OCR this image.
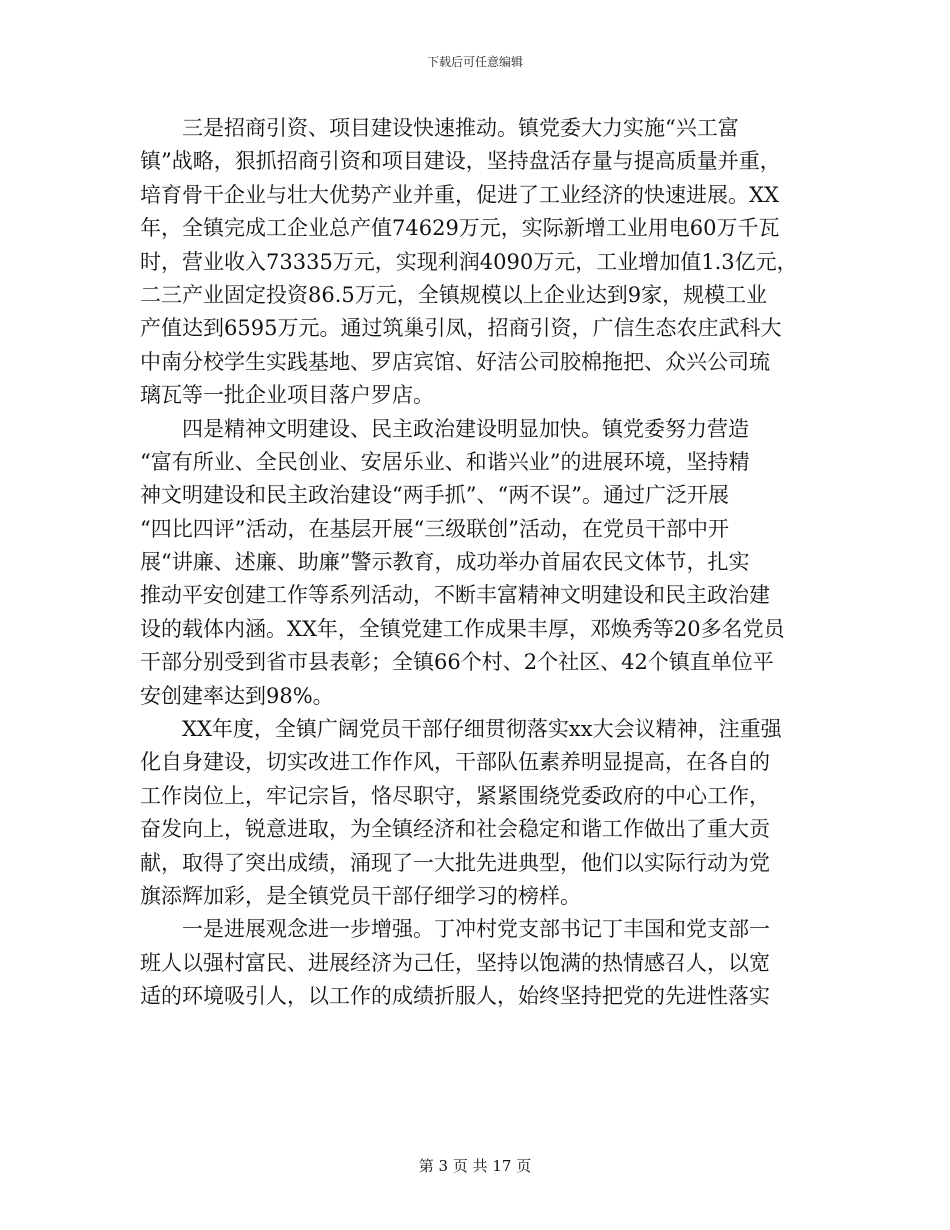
下载后可任意编辑
　　三是招商引资、项目建设快速推动。镇党委大力实施“兴工富
镇”战略，狠抓招商引资和项目建设，坚持盘活存量与提高质量并重，
培育骨干企业与壮大优势产业并重，促进了工业经济的快速进展。XX
年，全镇完成工企业总产值74629万元，实际新增工业用电60万千瓦
时，营业收入73335万元，实现利润4090万元，工业增加值1.3亿元，
二三产业固定投资86.5万元，全镇规模以上企业达到9家，规模工业
产值达到6595万元。通过筑巢引凤，招商引资，广信生态农庄武科大
中南分校学生实践基地、罗店宾馆、好洁公司胶棉拖把、众兴公司琉
璃瓦等一批企业项目落户罗店。
　　四是精神文明建设、民主政治建设明显加快。镇党委努力营造
“富有所业、全民创业、安居乐业、和谐兴业”的进展环境，坚持精
神文明建设和民主政治建设“两手抓”、“两不误”。通过广泛开展
“四比四评”活动，在基层开展“三级联创”活动，在党员干部中开
展“讲廉、述廉、助廉”警示教育，成功举办首届农民文体节，扎实
推动平安创建工作等系列活动，不断丰富精神文明建设和民主政治建
设的载体内涵。XX年，全镇党建工作成果丰厚，邓焕秀等20多名党员
干部分别受到省市县表彰；全镇66个村、2个社区、42个镇直单位平
安创建率达到98%。
　　XX年度，全镇广阔党员干部仔细贯彻落实xx大会议精神，注重强
化自身建设，切实改进工作作风，干部队伍素养明显提高，在各自的
工作岗位上，牢记宗旨，恪尽职守，紧紧围绕党委政府的中心工作，
奋发向上，锐意进取，为全镇经济和社会稳定和谐工作做出了重大贡
献，取得了突出成绩，涌现了一大批先进典型，他们以实际行动为党
旗添辉加彩，是全镇党员干部仔细学习的榜样。
　　一是进展观念进一步增强。丁冲村党支部书记丁丰国和党支部一
班人以强村富民、进展经济为己任，坚持以饱满的热情感召人，以宽
适的环境吸引人，以工作的成绩折服人，始终坚持把党的先进性落实
第 3 页 共 17 页
